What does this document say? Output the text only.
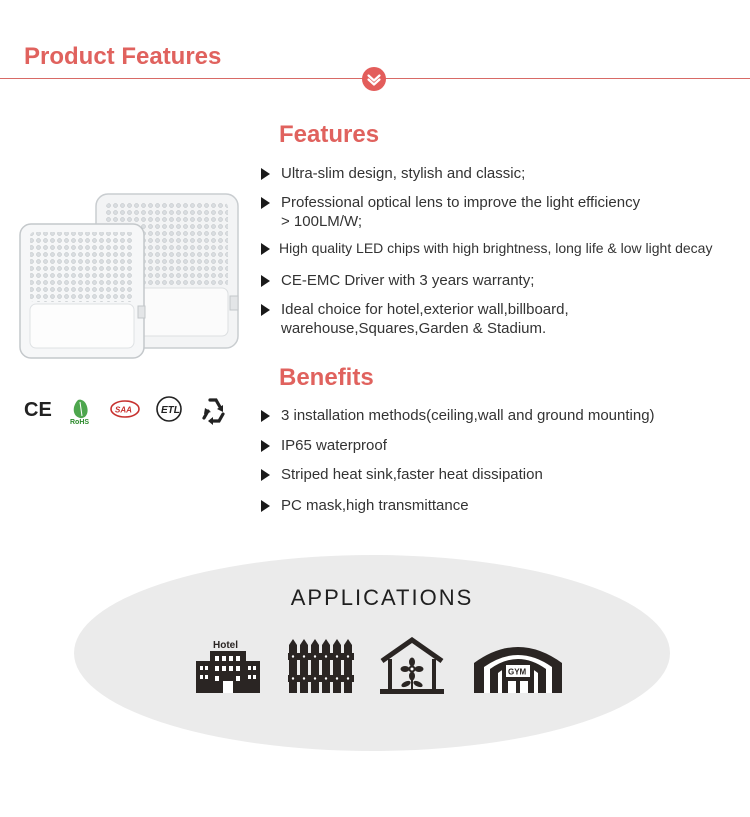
Product Features
CE
RoHS
SAA	ETL
Features
Ultra-slim design, stylish and classic;
Professional optical lens to improve the light efficiency
> 100LM/W;
High quality LED chips with high brightness, long life & low light decay
CE-EMC Driver with 3 years warranty;
Ideal choice for hotel,exterior wall,billboard,
warehouse,Squares,Garden & Stadium.
Benefits
3 installation methods(ceiling,wall and ground mounting)
IP65 waterproof
Striped heat sink,faster heat dissipation
PC mask,high transmittance
APPLICATIONS
Hotel
GYM
